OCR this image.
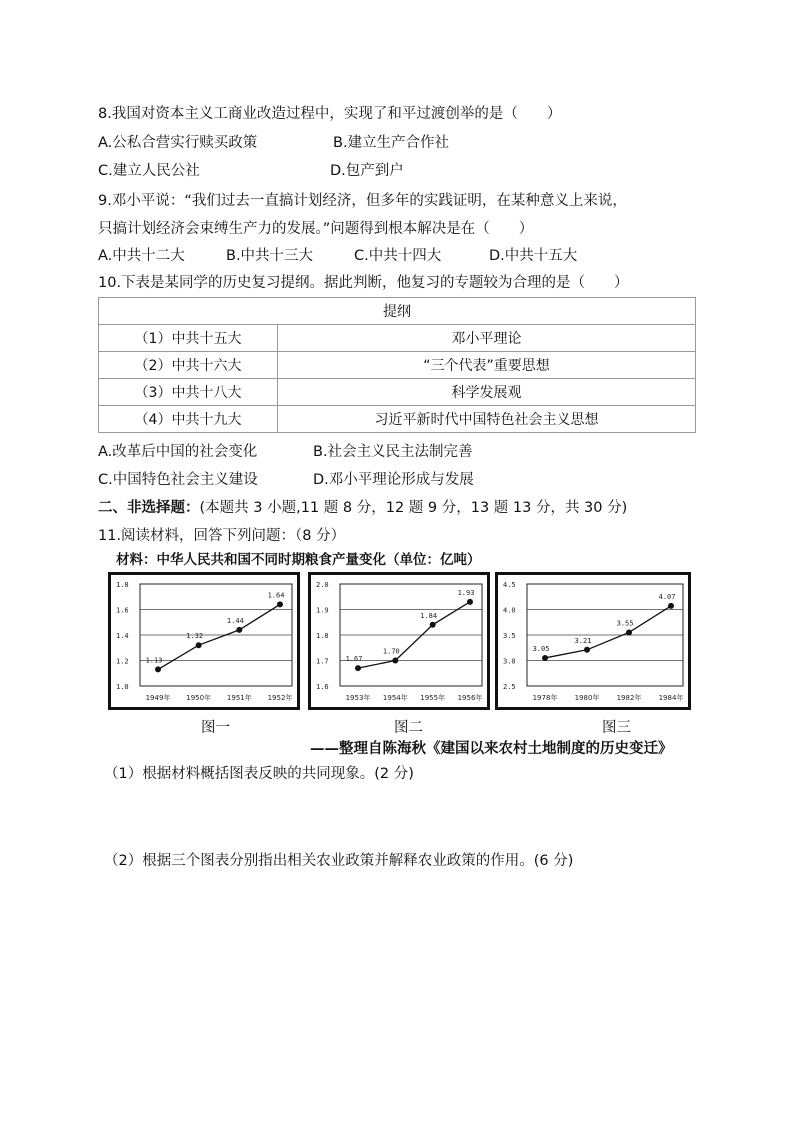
8.我国对资本主义工商业改造过程中，实现了和平过渡创举的是（　　）
A.公私合营实行赎买政策	B.建立生产合作社
C.建立人民公社	D.包产到户
9.邓小平说：“我们过去一直搞计划经济，但多年的实践证明，在某种意义上来说，
只搞计划经济会束缚生产力的发展。”问题得到根本解决是在（　　）
A.中共十二大	B.中共十三大	C.中共十四大	D.中共十五大
10.下表是某同学的历史复习提纲。据此判断，他复习的专题较为合理的是（　　）
提纲	
（1）中共十五大	邓小平理论
（2）中共十六大	“三个代表”重要思想
（3）中共十八大	科学发展观
（4）中共十九大	习近平新时代中国特色社会主义思想
A.改革后中国的社会变化	B.社会主义民主法制完善
C.中国特色社会主义建设	D.邓小平理论形成与发展
二、非选择题：(本题共 3 小题,11 题 8 分，12 题 9 分，13 题 13 分，共 30 分)
11.阅读材料，回答下列问题：（8 分）
材料：中华人民共和国不同时期粮食产量变化（单位：亿吨）
1.8
1.6
1.4
1.2
1.0
1949年 1950年 1951年 1952年
1.13
1.32
1.44
1.64
2.0
1.9
1.8
1.7
1.6
1953年 1954年 1955年 1956年
1.67
1.70
1.84
1.93
4.5
4.0
3.5
3.0
2.5
1978年 1980年 1982年 1984年
3.05
3.21
3.55
4.07
图一	图二	图三
——整理自陈海秋《建国以来农村土地制度的历史变迁》
（1）根据材料概括图表反映的共同现象。(2 分)
（2）根据三个图表分别指出相关农业政策并解释农业政策的作用。(6 分)
